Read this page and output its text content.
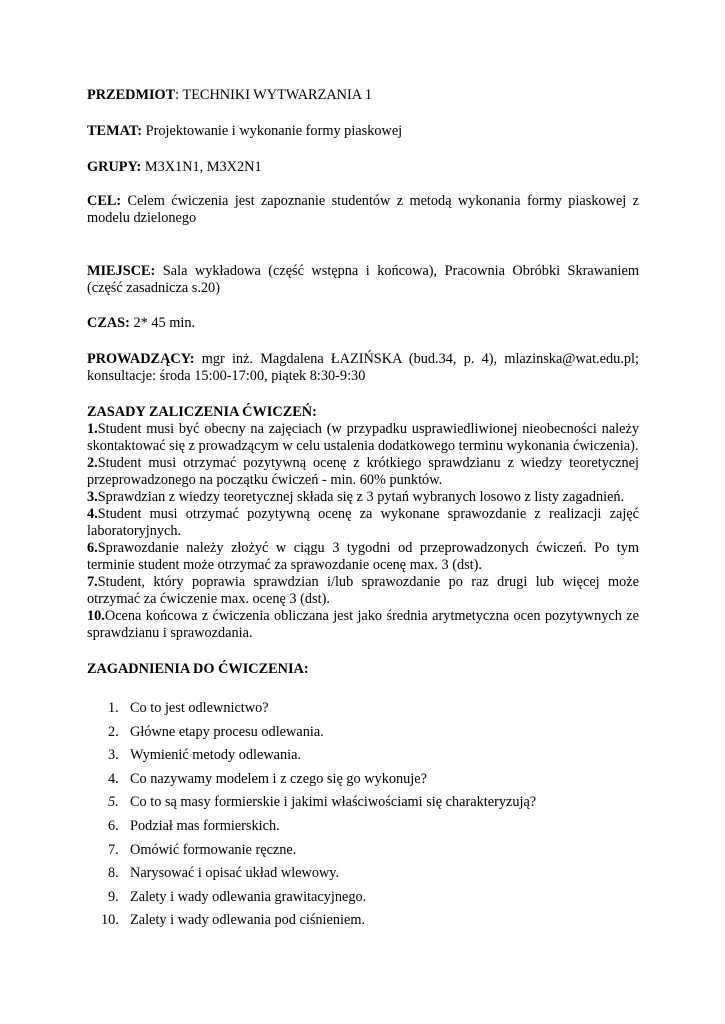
PRZEDMIOT: TECHNIKI WYTWARZANIA 1

TEMAT: Projektowanie i wykonanie formy piaskowej

GRUPY: M3X1N1, M3X2N1

CEL: Celem ćwiczenia jest zapoznanie studentów z metodą wykonania formy piaskowej z modelu dzielonego

MIEJSCE: Sala wykładowa (część wstępna i końcowa), Pracownia Obróbki Skrawaniem (część zasadnicza s.20)

CZAS: 2* 45 min.

PROWADZĄCY: mgr inż. Magdalena ŁAZIŃSKA (bud.34, p. 4), mlazinska@wat.edu.pl; konsultacje: środa 15:00-17:00, piątek 8:30-9:30

ZASADY ZALICZENIA ĆWICZEŃ:
1.Student musi być obecny na zajęciach (w przypadku usprawiedliwionej nieobecności należy skontaktować się z prowadzącym w celu ustalenia dodatkowego terminu wykonania ćwiczenia).
2.Student musi otrzymać pozytywną ocenę z krótkiego sprawdzianu z wiedzy teoretycznej przeprowadzonego na początku ćwiczeń - min. 60% punktów.
3.Sprawdzian z wiedzy teoretycznej składa się z 3 pytań wybranych losowo z listy zagadnień.
4.Student musi otrzymać pozytywną ocenę za wykonane sprawozdanie z realizacji zajęć laboratoryjnych.
6.Sprawozdanie należy złożyć w ciągu 3 tygodni od przeprowadzonych ćwiczeń. Po tym terminie student może otrzymać za sprawozdanie ocenę max. 3 (dst).
7.Student, który poprawia sprawdzian i/lub sprawozdanie po raz drugi lub więcej może otrzymać za ćwiczenie max. ocenę 3 (dst).
10.Ocena końcowa z ćwiczenia obliczana jest jako średnia arytmetyczna ocen pozytywnych ze sprawdzianu i sprawozdania.
ZAGADNIENIA DO ĆWICZENIA:
1. Co to jest odlewnictwo?
2. Główne etapy procesu odlewania.
3. Wymienić metody odlewania.
4. Co nazywamy modelem i z czego się go wykonuje?
5. Co to są masy formierskie i jakimi właściwościami się charakteryzują?
6. Podział mas formierskich.
7. Omówić formowanie ręczne.
8. Narysować i opisać układ wlewowy.
9. Zalety i wady odlewania grawitacyjnego.
10. Zalety i wady odlewania pod ciśnieniem.
